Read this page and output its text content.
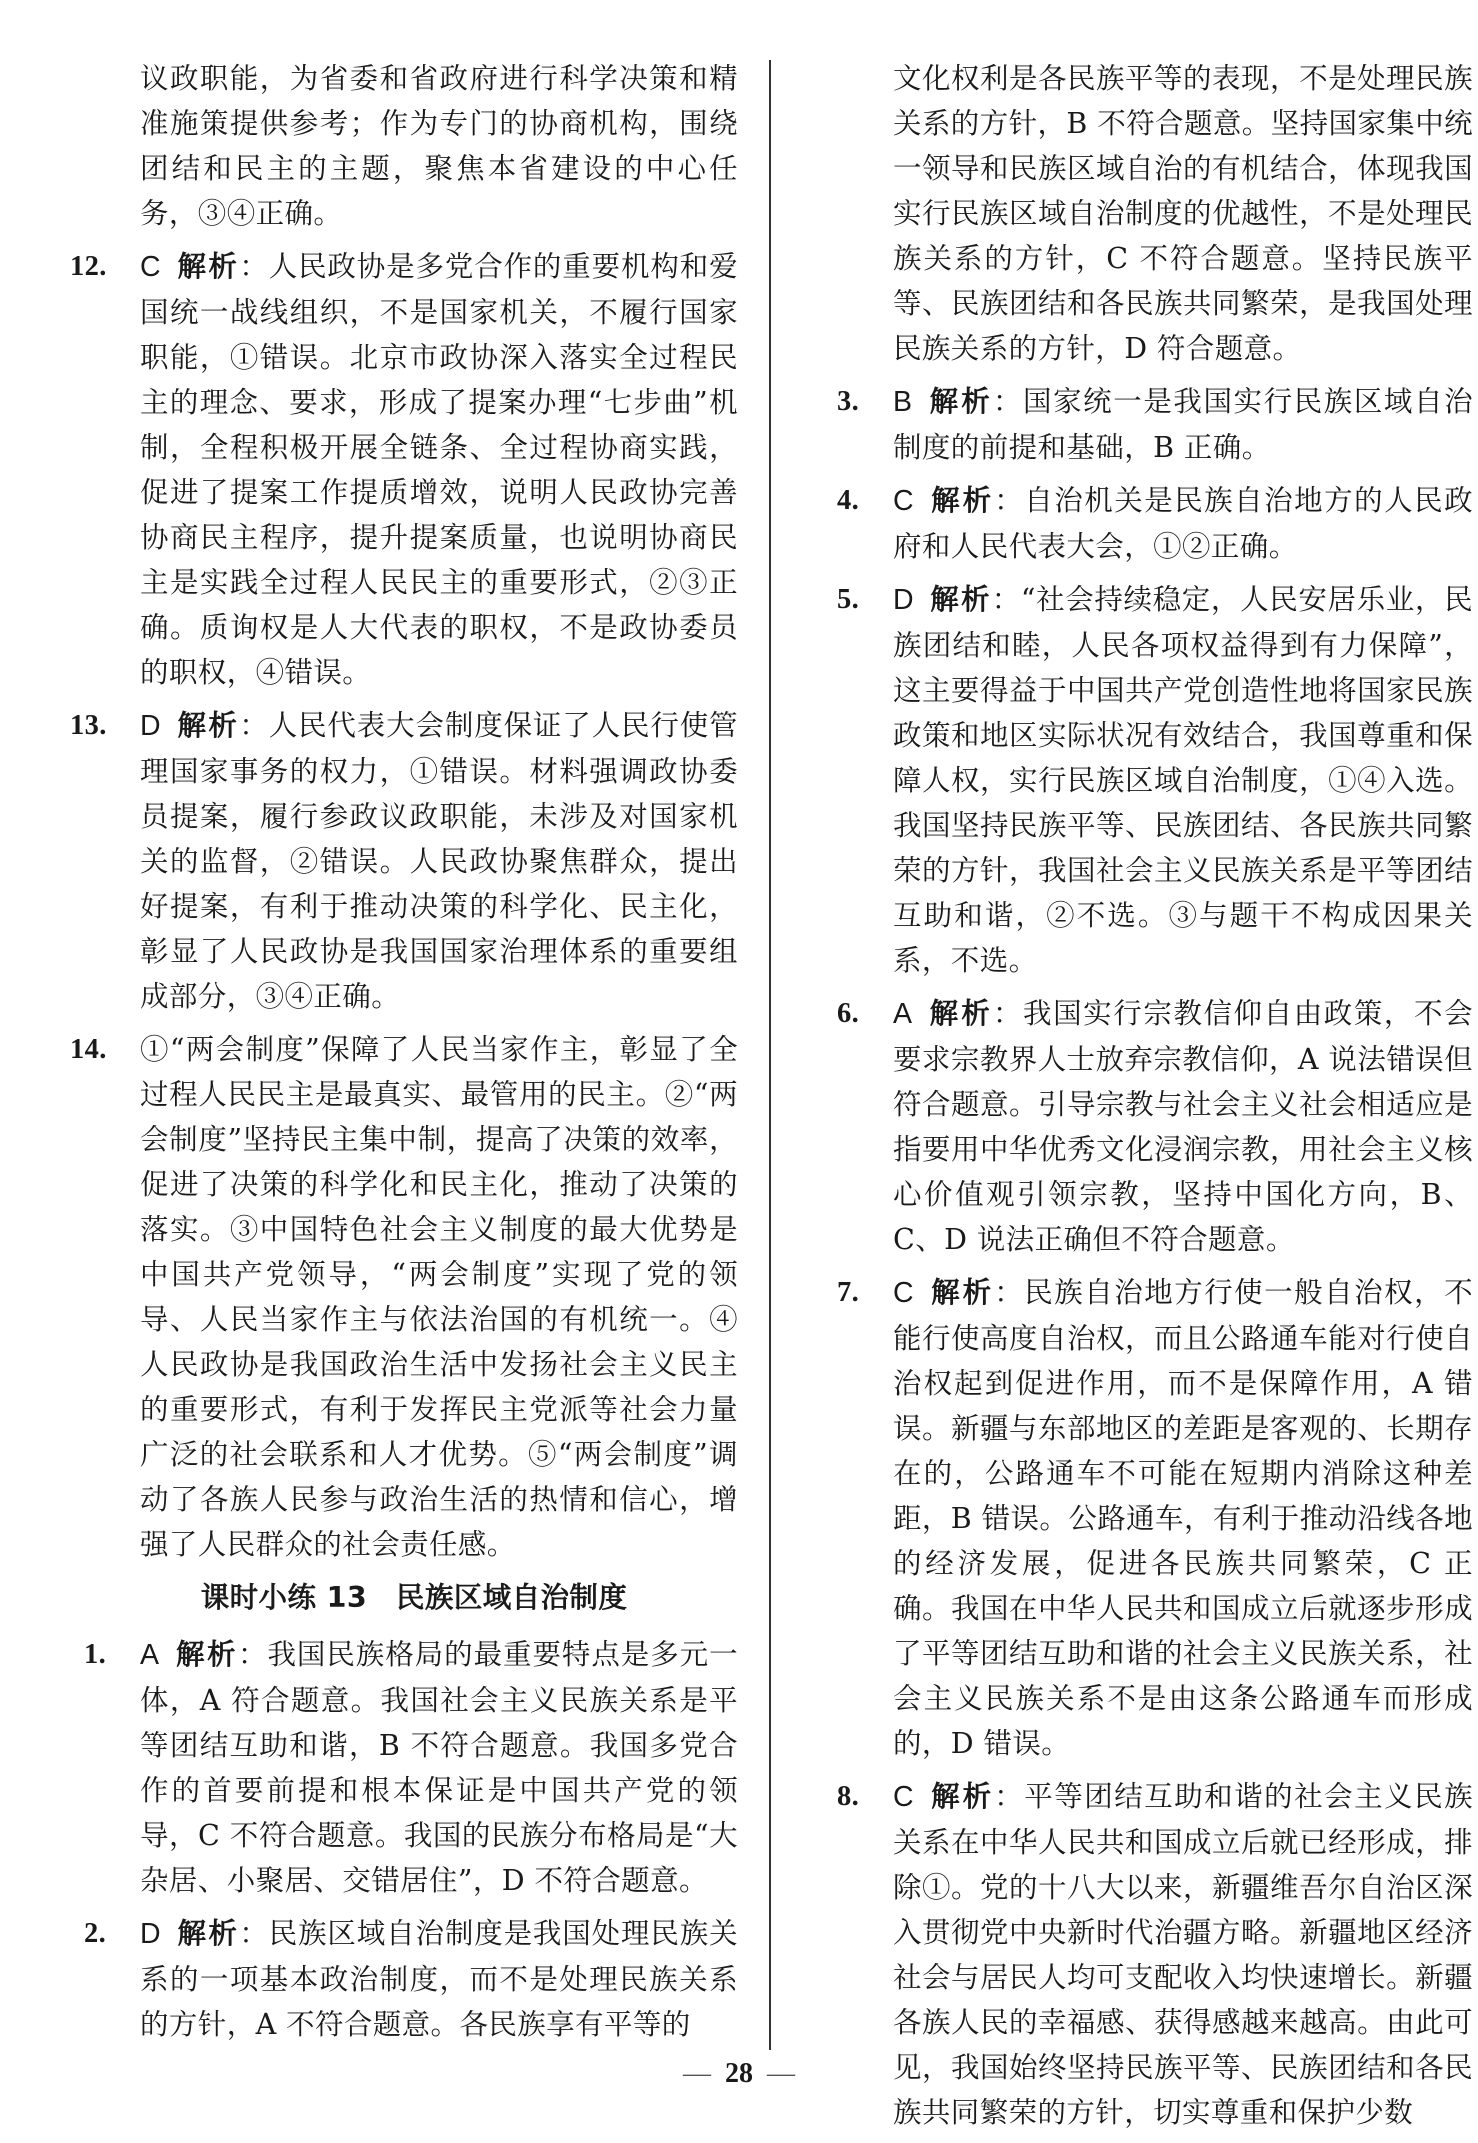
议政职能，为省委和省政府进行科学决策和精准施策提供参考；作为专门的协商机构，围绕团结和民主的主题，聚焦本省建设的中心任务，③④正确。
12.	C 解析：人民政协是多党合作的重要机构和爱国统一战线组织，不是国家机关，不履行国家职能，①错误。北京市政协深入落实全过程民主的理念、要求，形成了提案办理“七步曲”机制，全程积极开展全链条、全过程协商实践，促进了提案工作提质增效，说明人民政协完善协商民主程序，提升提案质量，也说明协商民主是实践全过程人民民主的重要形式，②③正确。质询权是人大代表的职权，不是政协委员的职权，④错误。
13.	D 解析：人民代表大会制度保证了人民行使管理国家事务的权力，①错误。材料强调政协委员提案，履行参政议政职能，未涉及对国家机关的监督，②错误。人民政协聚焦群众，提出好提案，有利于推动决策的科学化、民主化，彰显了人民政协是我国国家治理体系的重要组成部分，③④正确。
14.	①“两会制度”保障了人民当家作主，彰显了全过程人民民主是最真实、最管用的民主。②“两会制度”坚持民主集中制，提高了决策的效率，促进了决策的科学化和民主化，推动了决策的落实。③中国特色社会主义制度的最大优势是中国共产党领导，“两会制度”实现了党的领导、人民当家作主与依法治国的有机统一。④人民政协是我国政治生活中发扬社会主义民主的重要形式，有利于发挥民主党派等社会力量广泛的社会联系和人才优势。⑤“两会制度”调动了各族人民参与政治生活的热情和信心，增强了人民群众的社会责任感。
课时小练 13　民族区域自治制度
1.	A 解析：我国民族格局的最重要特点是多元一体，A 符合题意。我国社会主义民族关系是平等团结互助和谐，B 不符合题意。我国多党合作的首要前提和根本保证是中国共产党的领导，C 不符合题意。我国的民族分布格局是“大杂居、小聚居、交错居住”，D 不符合题意。
2.	D 解析：民族区域自治制度是我国处理民族关系的一项基本政治制度，而不是处理民族关系的方针，A 不符合题意。各民族享有平等的
文化权利是各民族平等的表现，不是处理民族关系的方针，B 不符合题意。坚持国家集中统一领导和民族区域自治的有机结合，体现我国实行民族区域自治制度的优越性，不是处理民族关系的方针，C 不符合题意。坚持民族平等、民族团结和各民族共同繁荣，是我国处理民族关系的方针，D 符合题意。
3.	B 解析：国家统一是我国实行民族区域自治制度的前提和基础，B 正确。
4.	C 解析：自治机关是民族自治地方的人民政府和人民代表大会，①②正确。
5.	D 解析：“社会持续稳定，人民安居乐业，民族团结和睦，人民各项权益得到有力保障”，这主要得益于中国共产党创造性地将国家民族政策和地区实际状况有效结合，我国尊重和保障人权，实行民族区域自治制度，①④入选。我国坚持民族平等、民族团结、各民族共同繁荣的方针，我国社会主义民族关系是平等团结互助和谐，②不选。③与题干不构成因果关系，不选。
6.	A 解析：我国实行宗教信仰自由政策，不会要求宗教界人士放弃宗教信仰，A 说法错误但符合题意。引导宗教与社会主义社会相适应是指要用中华优秀文化浸润宗教，用社会主义核心价值观引领宗教，坚持中国化方向，B、C、D 说法正确但不符合题意。
7.	C 解析：民族自治地方行使一般自治权，不能行使高度自治权，而且公路通车能对行使自治权起到促进作用，而不是保障作用，A 错误。新疆与东部地区的差距是客观的、长期存在的，公路通车不可能在短期内消除这种差距，B 错误。公路通车，有利于推动沿线各地的经济发展，促进各民族共同繁荣，C 正确。我国在中华人民共和国成立后就逐步形成了平等团结互助和谐的社会主义民族关系，社会主义民族关系不是由这条公路通车而形成的，D 错误。
8.	C 解析：平等团结互助和谐的社会主义民族关系在中华人民共和国成立后就已经形成，排除①。党的十八大以来，新疆维吾尔自治区深入贯彻党中央新时代治疆方略。新疆地区经济社会与居民人均可支配收入均快速增长。新疆各族人民的幸福感、获得感越来越高。由此可见，我国始终坚持民族平等、民族团结和各民族共同繁荣的方针，切实尊重和保护少数
— 28 —
